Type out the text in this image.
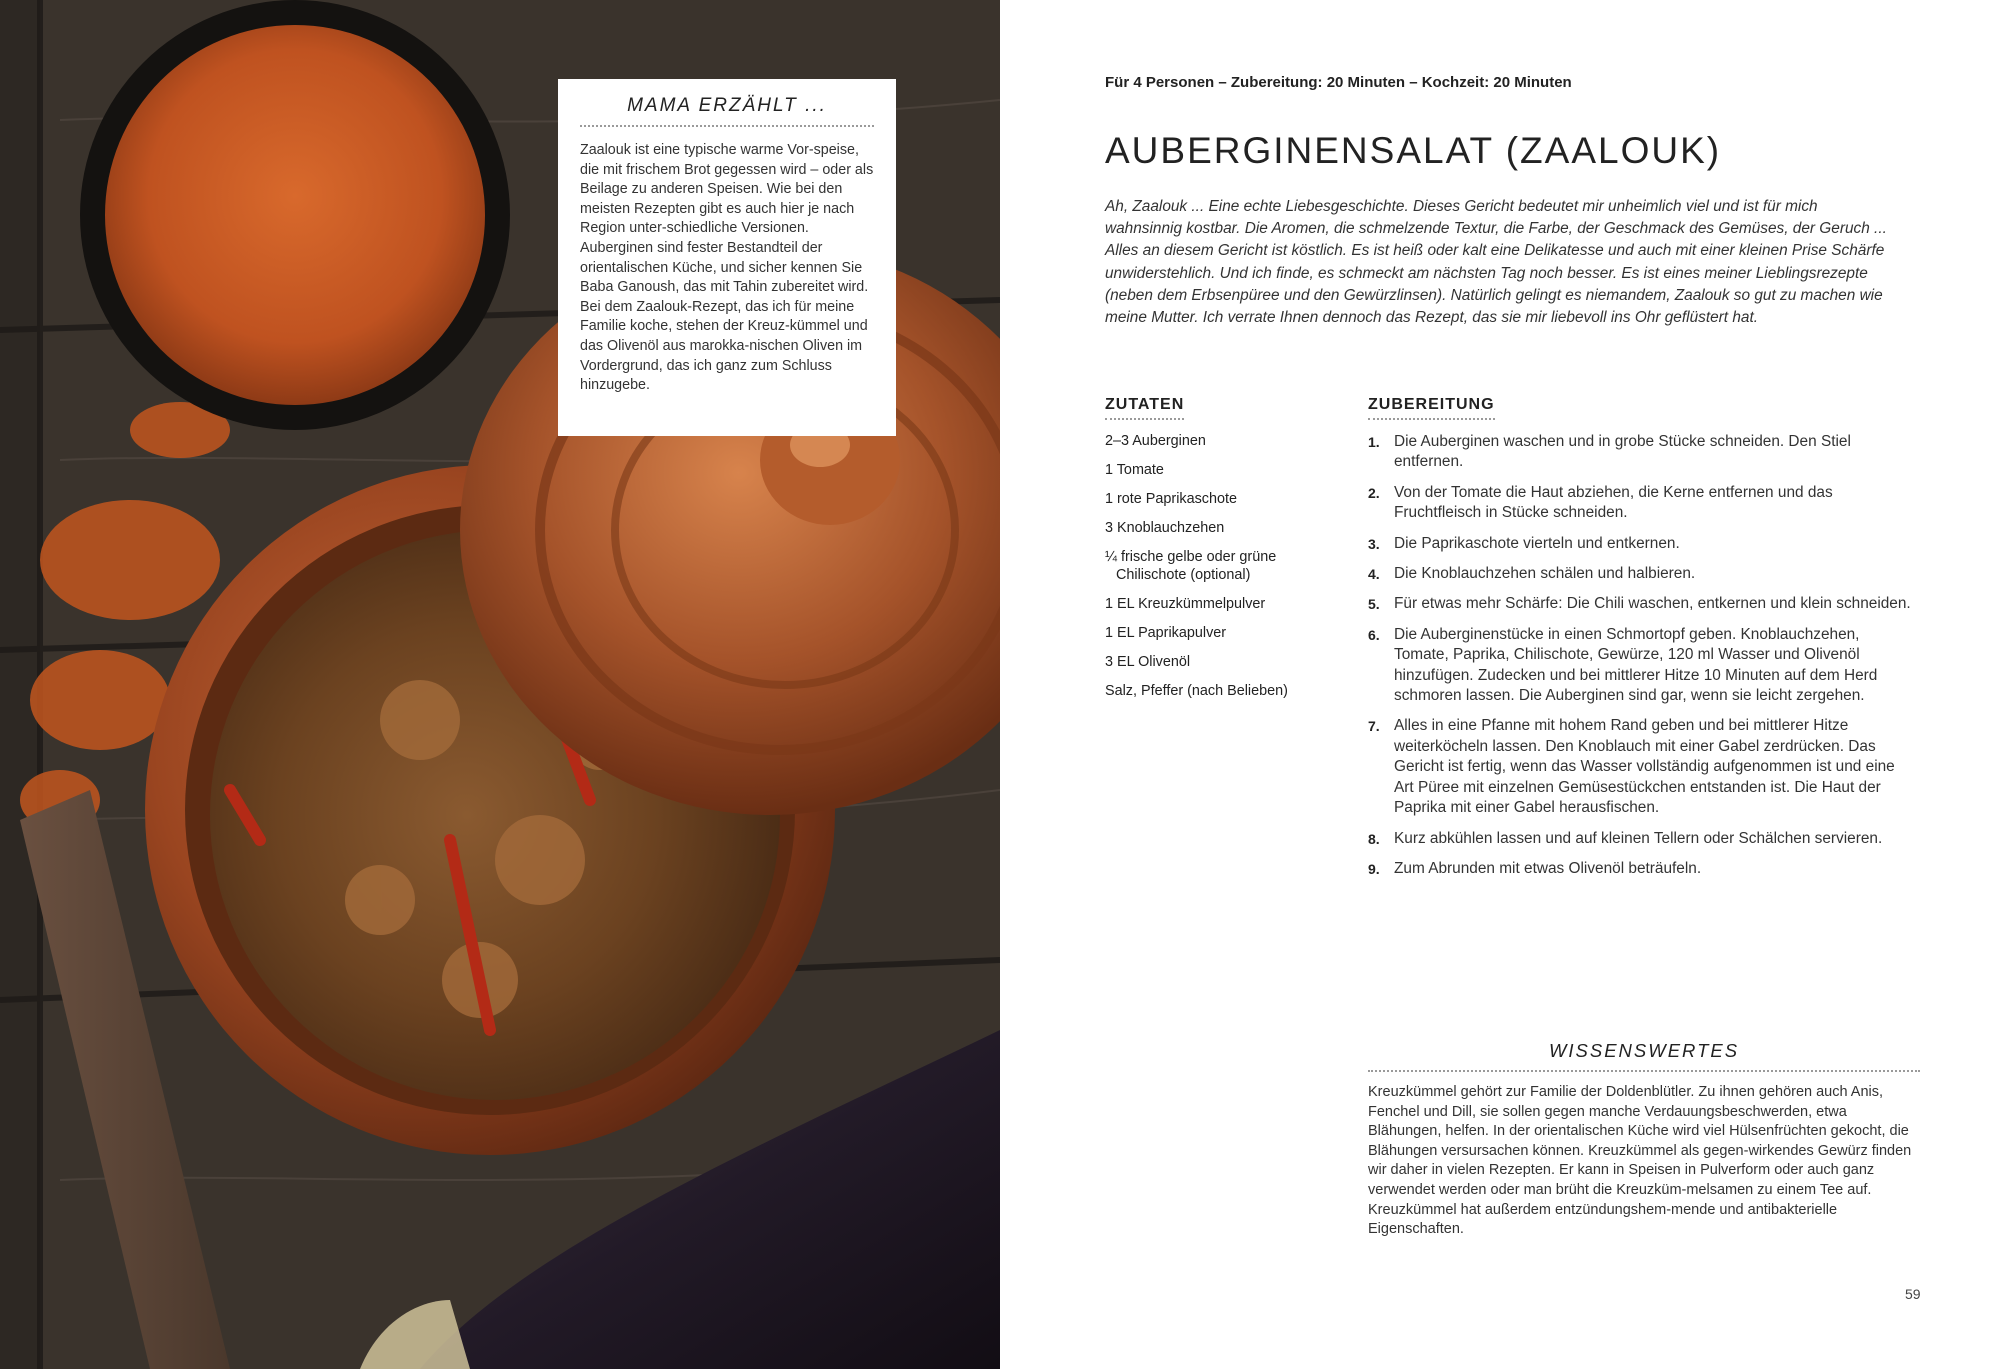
MAMA ERZÄHLT ...
Zaalouk ist eine typische warme Vor-speise, die mit frischem Brot gegessen wird – oder als Beilage zu anderen Speisen. Wie bei den meisten Rezepten gibt es auch hier je nach Region unter-schiedliche Versionen. Auberginen sind fester Bestandteil der orientalischen Küche, und sicher kennen Sie Baba Ganoush, das mit Tahin zubereitet wird. Bei dem Zaalouk-Rezept, das ich für meine Familie koche, stehen der Kreuz-kümmel und das Olivenöl aus marokka-nischen Oliven im Vordergrund, das ich ganz zum Schluss hinzugebe.
Für 4 Personen – Zubereitung: 20 Minuten – Kochzeit: 20 Minuten
AUBERGINENSALAT (ZAALOUK)
Ah, Zaalouk ... Eine echte Liebesgeschichte. Dieses Gericht bedeutet mir unheimlich viel und ist für mich wahnsinnig kostbar. Die Aromen, die schmelzende Textur, die Farbe, der Geschmack des Gemüses, der Geruch ... Alles an diesem Gericht ist köstlich. Es ist heiß oder kalt eine Delikatesse und auch mit einer kleinen Prise Schärfe unwiderstehlich. Und ich finde, es schmeckt am nächsten Tag noch besser. Es ist eines meiner Lieblingsrezepte (neben dem Erbsenpüree und den Gewürzlinsen). Natürlich gelingt es niemandem, Zaalouk so gut zu machen wie meine Mutter. Ich verrate Ihnen dennoch das Rezept, das sie mir liebevoll ins Ohr geflüstert hat.
ZUTATEN
2–3 Auberginen
1 Tomate
1 rote Paprikaschote
3 Knoblauchzehen
¼ frische gelbe oder grüne Chilischote (optional)
1 EL Kreuzkümmelpulver
1 EL Paprikapulver
3 EL Olivenöl
Salz, Pfeffer (nach Belieben)
ZUBEREITUNG
1. Die Auberginen waschen und in grobe Stücke schneiden. Den Stiel entfernen.
2. Von der Tomate die Haut abziehen, die Kerne entfernen und das Fruchtfleisch in Stücke schneiden.
3. Die Paprikaschote vierteln und entkernen.
4. Die Knoblauchzehen schälen und halbieren.
5. Für etwas mehr Schärfe: Die Chili waschen, entkernen und klein schneiden.
6. Die Auberginenstücke in einen Schmortopf geben. Knoblauchzehen, Tomate, Paprika, Chilischote, Gewürze, 120 ml Wasser und Olivenöl hinzufügen. Zudecken und bei mittlerer Hitze 10 Minuten auf dem Herd schmoren lassen. Die Auberginen sind gar, wenn sie leicht zergehen.
7. Alles in eine Pfanne mit hohem Rand geben und bei mittlerer Hitze weiterköcheln lassen. Den Knoblauch mit einer Gabel zerdrücken. Das Gericht ist fertig, wenn das Wasser vollständig aufgenommen ist und eine Art Püree mit einzelnen Gemüsestückchen entstanden ist. Die Haut der Paprika mit einer Gabel herausfischen.
8. Kurz abkühlen lassen und auf kleinen Tellern oder Schälchen servieren.
9. Zum Abrunden mit etwas Olivenöl beträufeln.
WISSENSWERTES
Kreuzkümmel gehört zur Familie der Doldenblütler. Zu ihnen gehören auch Anis, Fenchel und Dill, sie sollen gegen manche Verdauungsbeschwerden, etwa Blähungen, helfen. In der orientalischen Küche wird viel Hülsenfrüchten gekocht, die Blähungen versursachen können. Kreuzkümmel als gegen-wirkendes Gewürz finden wir daher in vielen Rezepten. Er kann in Speisen in Pulverform oder auch ganz verwendet werden oder man brüht die Kreuzküm-melsamen zu einem Tee auf. Kreuzkümmel hat außerdem entzündungshem-mende und antibakterielle Eigenschaften.
59
